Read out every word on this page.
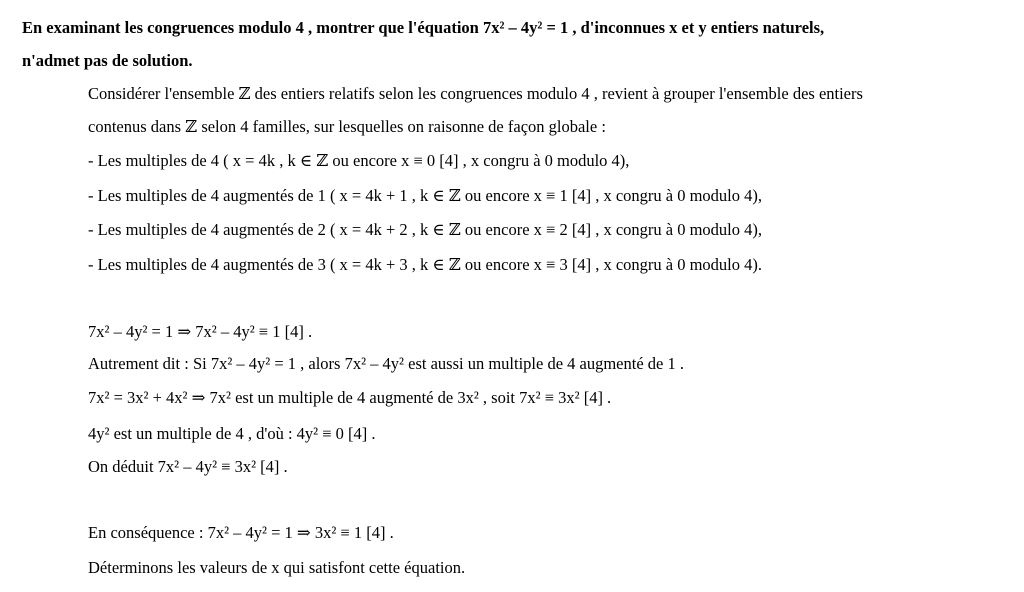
En examinant les congruences modulo 4 , montrer que l'équation 7x² – 4y² = 1 , d'inconnues x et y entiers naturels,
n'admet pas de solution.
Considérer l'ensemble ℤ des entiers relatifs selon les congruences modulo 4 , revient à grouper l'ensemble des entiers
contenus dans ℤ selon 4 familles, sur lesquelles on raisonne de façon globale :
- Les multiples de 4 ( x = 4k , k ∈ ℤ ou encore x ≡ 0 [4] , x congru à 0 modulo 4),
- Les multiples de 4 augmentés de 1 ( x = 4k + 1 , k ∈ ℤ ou encore x ≡ 1 [4] , x congru à 0 modulo 4),
- Les multiples de 4 augmentés de 2 ( x = 4k + 2 , k ∈ ℤ ou encore x ≡ 2 [4] , x congru à 0 modulo 4),
- Les multiples de 4 augmentés de 3 ( x = 4k + 3 , k ∈ ℤ ou encore x ≡ 3 [4] , x congru à 0 modulo 4).
7x² – 4y² = 1 ⇒ 7x² – 4y² ≡ 1 [4] .
Autrement dit : Si 7x² – 4y² = 1 , alors 7x² – 4y² est aussi un multiple de 4 augmenté de 1 .
7x² = 3x² + 4x² ⇒ 7x² est un multiple de 4 augmenté de 3x² , soit 7x² ≡ 3x² [4] .
4y² est un multiple de 4 , d'où : 4y² ≡ 0 [4] .
On déduit 7x² – 4y² ≡ 3x² [4] .
En conséquence : 7x² – 4y² = 1 ⇒ 3x² ≡ 1 [4] .
Déterminons les valeurs de x qui satisfont cette équation.
